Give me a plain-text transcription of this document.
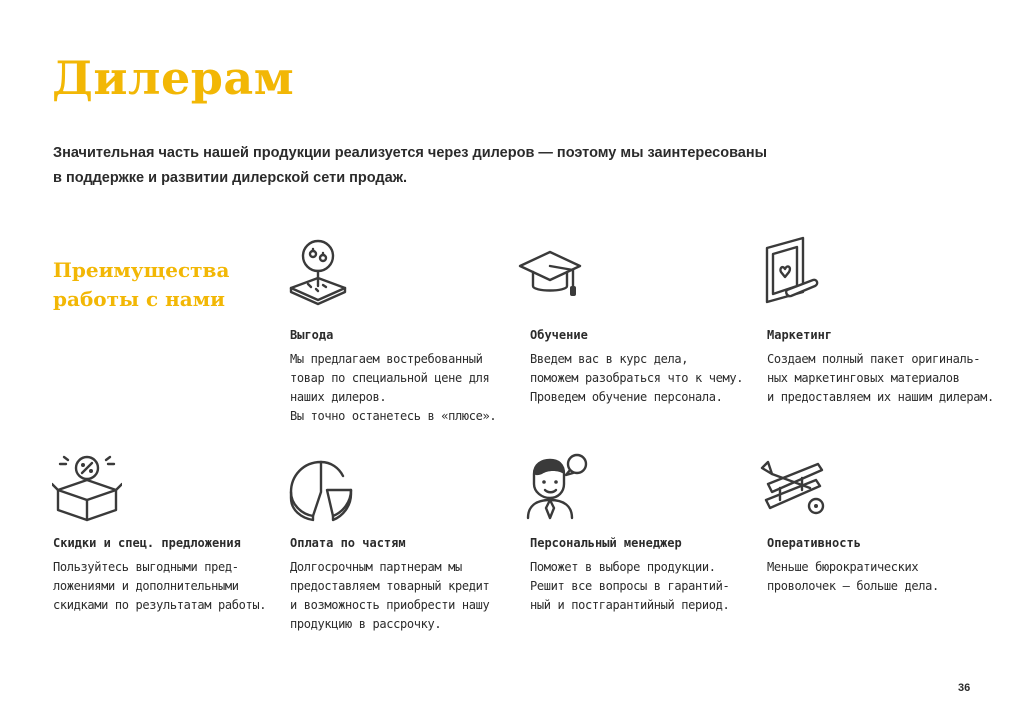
Дилерам
Значительная часть нашей продукции реализуется через дилеров — поэтому мы заинтересованы
в поддержке и развитии дилерской сети продаж.
Преимущества
работы с нами
Выгода
Мы предлагаем востребованный
товар по специальной цене для
наших дилеров.
Вы точно останетесь в «плюсе».
Обучение
Введем вас в курс дела,
поможем разобраться что к чему.
Проведем обучение персонала.
Маркетинг
Создаем полный пакет оригиналь-
ных маркетинговых материалов
и предоставляем их нашим дилерам.
Скидки и спец. предложения
Пользуйтесь выгодными пред-
ложениями и дополнительными
скидками по результатам работы.
Оплата по частям
Долгосрочным партнерам мы
предоставляем товарный кредит
и возможность приобрести нашу
продукцию в рассрочку.
Персональный менеджер
Поможет в выборе продукции.
Решит все вопросы в гарантий-
ный и постгарантийный период.
Оперативность
Меньше бюрократических
проволочек — больше дела.
36
